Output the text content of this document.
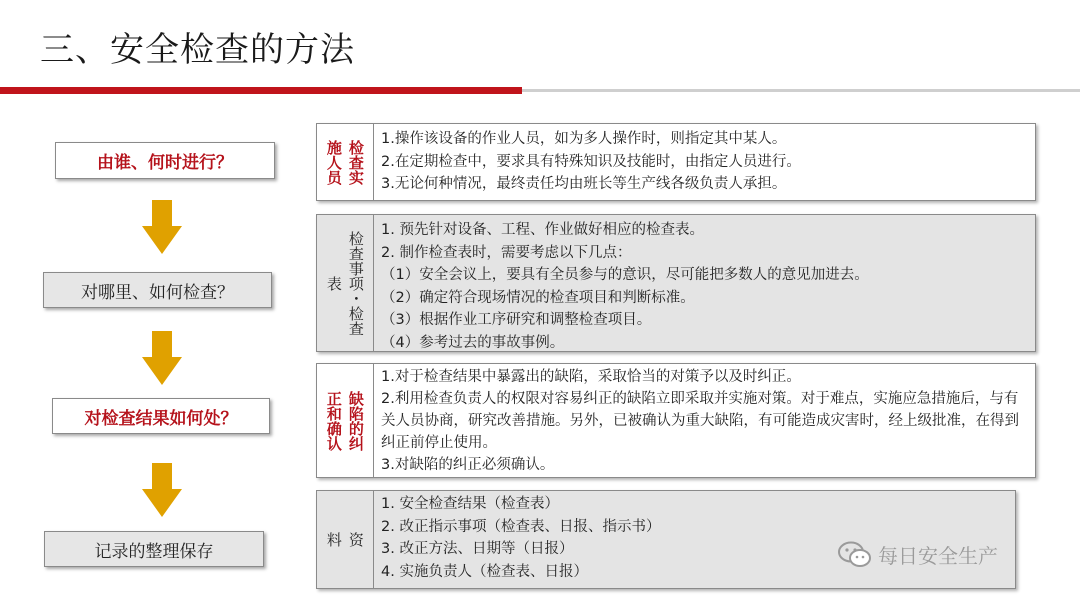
三、安全检查的方法
由谁、何时进行？
对哪里、如何检查？
对检查结果如何处？
记录的整理保存
施人员 检查实
1.操作该设备的作业人员，如为多人操作时，则指定其中某人。
2.在定期检查中，要求具有特殊知识及技能时，由指定人员进行。
3.无论何种情况，最终责任均由班长等生产线各级负责人承担。
表 检查事项・检查
1. 预先针对设备、工程、作业做好相应的检查表。
2. 制作检查表时，需要考虑以下几点：
（1）安全会议上，要具有全员参与的意识，尽可能把多数人的意见加进去。
（2）确定符合现场情况的检查项目和判断标准。
（3）根据作业工序研究和调整检查项目。
（4）参考过去的事故事例。
正和确认 缺陷的纠
1.对于检查结果中暴露出的缺陷，采取恰当的对策予以及时纠正。
2.利用检查负责人的权限对容易纠正的缺陷立即采取并实施对策。对于难点，实施应急措施后，与有关人员协商，研究改善措施。另外，已被确认为重大缺陷，有可能造成灾害时，经上级批准，在得到纠正前停止使用。
3.对缺陷的纠正必须确认。
料 资
1. 安全检查结果（检查表）
2. 改正指示事项（检查表、日报、指示书）
3. 改正方法、日期等（日报）
4. 实施负责人（检查表、日报）
每日安全生产
